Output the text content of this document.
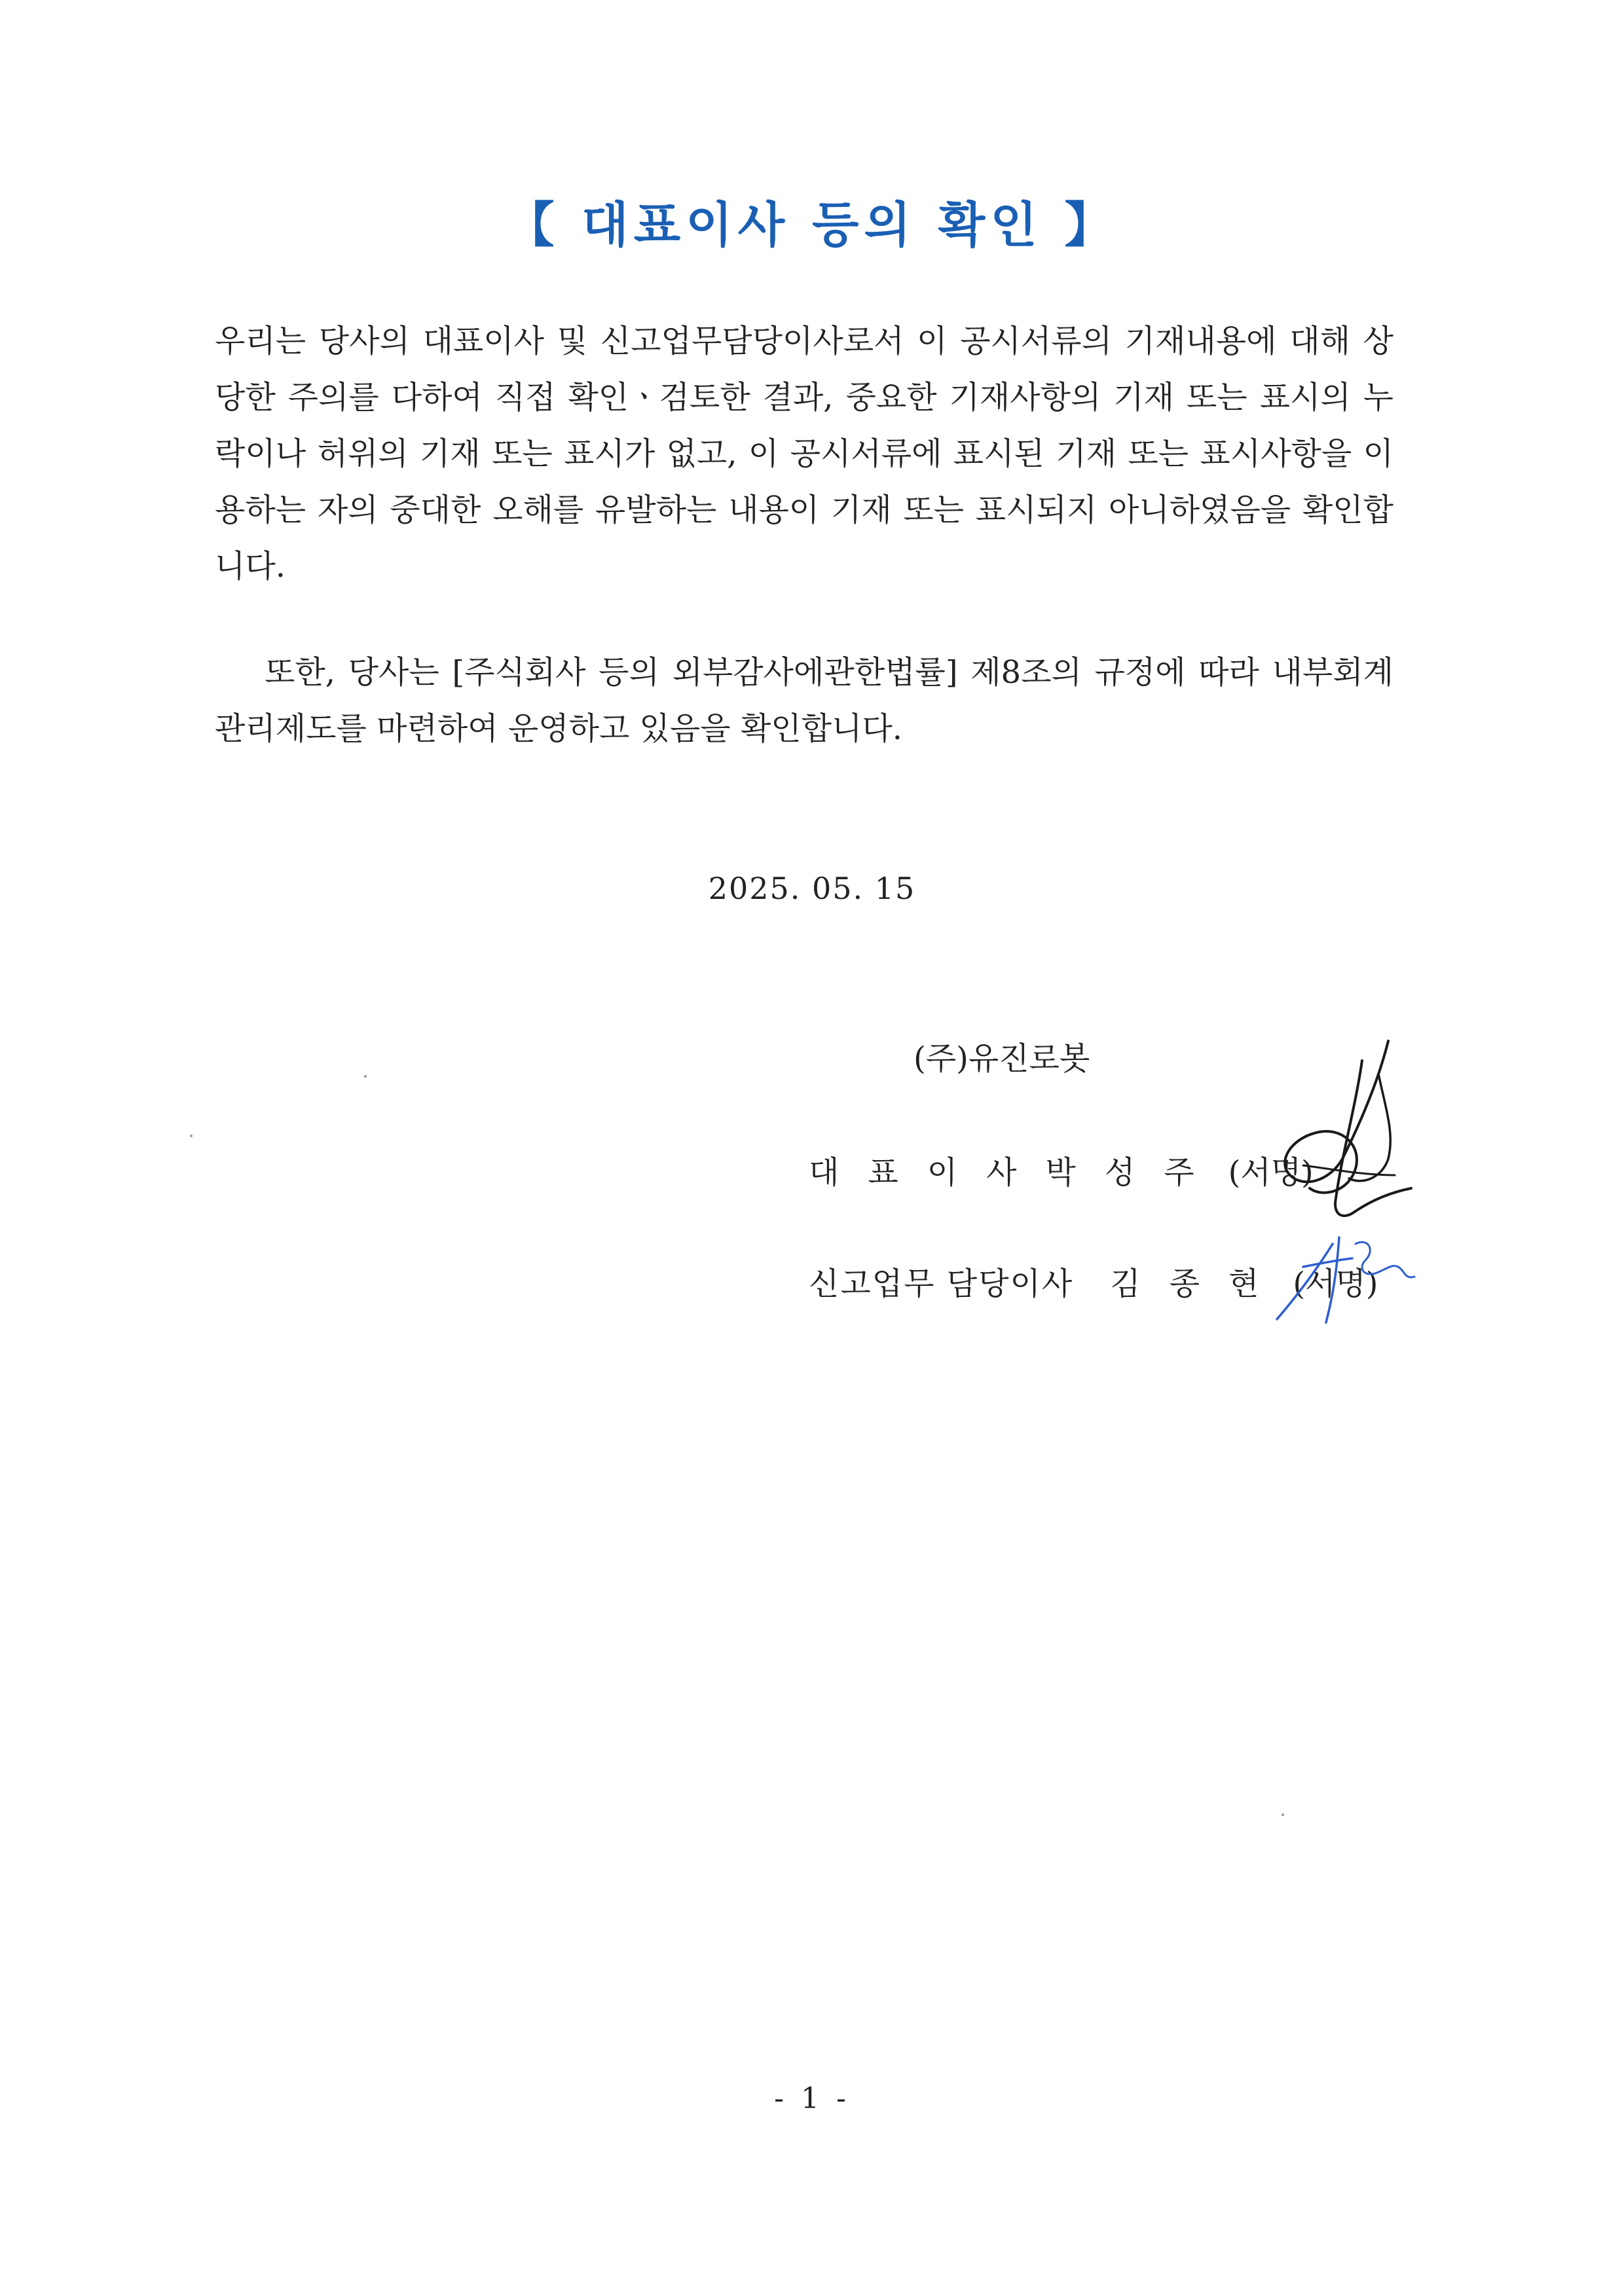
【 대표이사 등의 확인 】
우리는 당사의 대표이사 및 신고업무담당이사로서 이 공시서류의 기재내용에 대해 상당한 주의를 다하여 직접 확인ㆍ검토한 결과, 중요한 기재사항의 기재 또는 표시의 누락이나 허위의 기재 또는 표시가 없고, 이 공시서류에 표시된 기재 또는 표시사항을 이용하는 자의 중대한 오해를 유발하는 내용이 기재 또는 표시되지 아니하였음을 확인합니다.
또한, 당사는 [주식회사 등의 외부감사에관한법률] 제8조의 규정에 따라 내부회계관리제도를 마련하여 운영하고 있음을 확인합니다.
2025. 05. 15
(주)유진로봇
대표이사박성주 (서명)
신고업무 담당이사 김종현 (서명)
- 1 -
